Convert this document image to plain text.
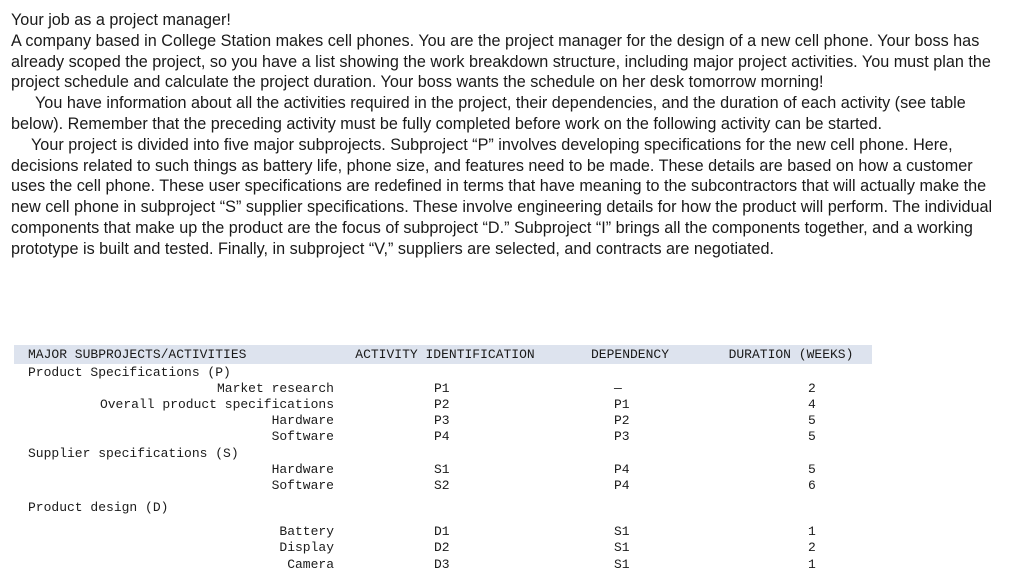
Your job as a project manager!

A company based in College Station makes cell phones. You are the project manager for the design of a new cell phone. Your boss has already scoped the project, so you have a list showing the work breakdown structure, including major project activities. You must plan the project schedule and calculate the project duration. Your boss wants the schedule on her desk tomorrow morning!

You have information about all the activities required in the project, their dependencies, and the duration of each activity (see table below). Remember that the preceding activity must be fully completed before work on the following activity can be started.

Your project is divided into five major subprojects. Subproject “P” involves developing specifications for the new cell phone. Here, decisions related to such things as battery life, phone size, and features need to be made. These details are based on how a customer uses the cell phone. These user specifications are redefined in terms that have meaning to the subcontractors that will actually make the new cell phone in subproject “S” supplier specifications. These involve engineering details for how the product will perform. The individual components that make up the product are the focus of subproject “D.” Subproject “I” brings all the components together, and a working prototype is built and tested. Finally, in subproject “V,” suppliers are selected, and contracts are negotiated.

MAJOR SUBPROJECTS/ACTIVITIES	ACTIVITY IDENTIFICATION	DEPENDENCY	DURATION (WEEKS)
Product Specifications (P)			
Market research	P1	—	2
Overall product specifications	P2	P1	4
Hardware	P3	P2	5
Software	P4	P3	5
Supplier specifications (S)			
Hardware	S1	P4	5
Software	S2	P4	6

Product design (D)			

Battery	D1	S1	1
Display	D2	S1	2
Camera	D3	S1	1
